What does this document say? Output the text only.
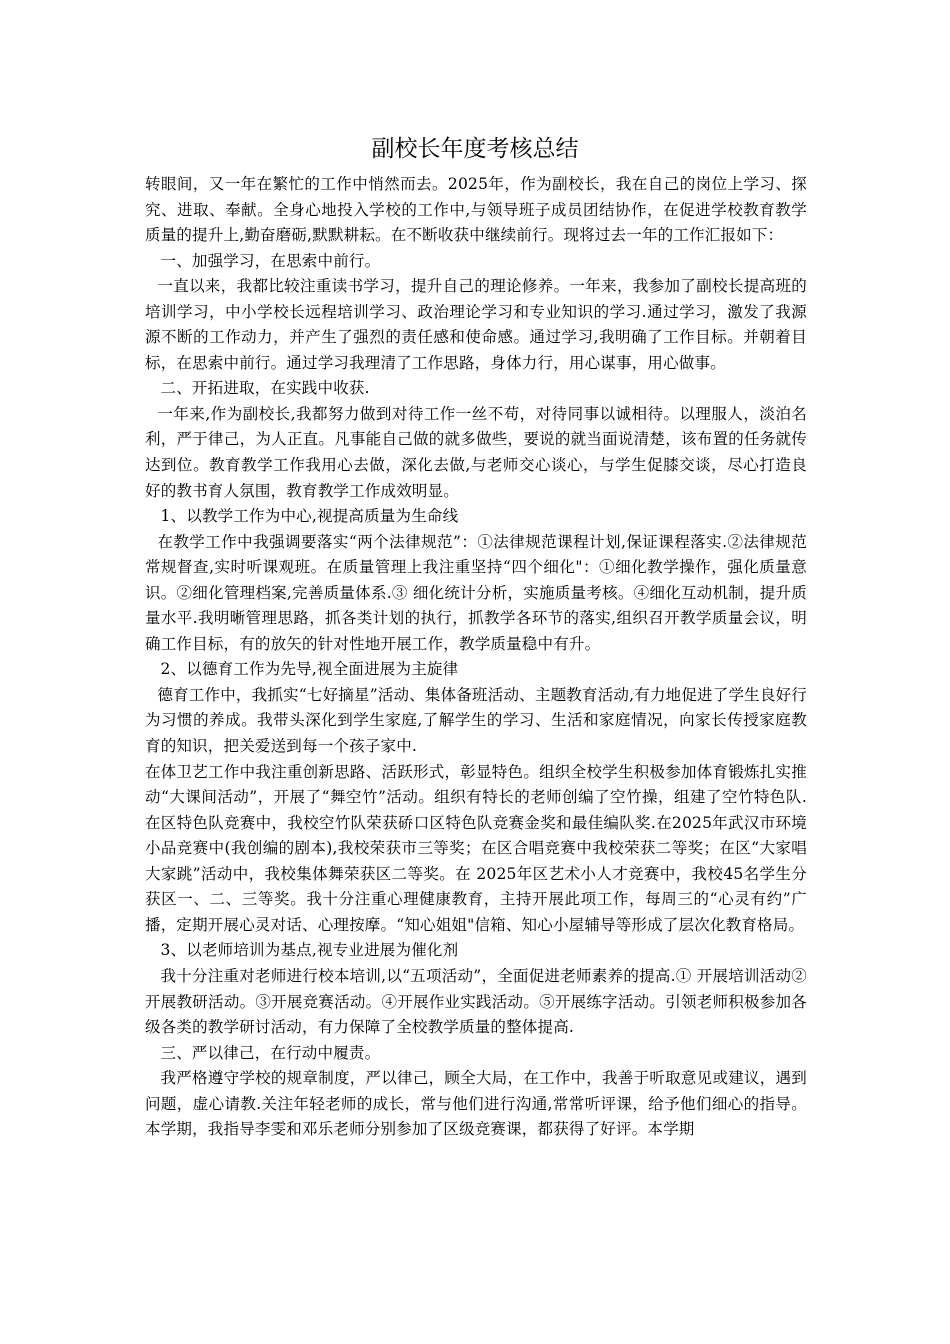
副校长年度考核总结

转眼间，又一年在繁忙的工作中悄然而去。2025年，作为副校长，我在自己的岗位上学习、探究、进取、奉献。全身心地投入学校的工作中,与领导班子成员团结协作，在促进学校教育教学质量的提升上,勤奋磨砺,默默耕耘。在不断收获中继续前行。现将过去一年的工作汇报如下：

一、加强学习，在思索中前行。

一直以来，我都比较注重读书学习，提升自己的理论修养。一年来，我参加了副校长提高班的培训学习，中小学校长远程培训学习、政治理论学习和专业知识的学习.通过学习，激发了我源源不断的工作动力，并产生了强烈的责任感和使命感。通过学习,我明确了工作目标。并朝着目标，在思索中前行。通过学习我理清了工作思路，身体力行，用心谋事，用心做事。

二、开拓进取，在实践中收获.

一年来,作为副校长,我都努力做到对待工作一丝不苟，对待同事以诚相待。以理服人，淡泊名利，严于律己，为人正直。凡事能自己做的就多做些，要说的就当面说清楚，该布置的任务就传达到位。教育教学工作我用心去做，深化去做,与老师交心谈心，与学生促膝交谈，尽心打造良好的教书育人氛围，教育教学工作成效明显。

1、以教学工作为中心,视提高质量为生命线

在教学工作中我强调要落实“两个法律规范”：①法律规范课程计划,保证课程落实.②法律规范常规督查,实时听课观班。在质量管理上我注重坚持“四个细化"：①细化教学操作，强化质量意识。②细化管理档案,完善质量体系.③ 细化统计分析，实施质量考核。④细化互动机制，提升质量水平.我明晰管理思路，抓各类计划的执行，抓教学各环节的落实,组织召开教学质量会议，明确工作目标，有的放矢的针对性地开展工作，教学质量稳中有升。

2、以德育工作为先导,视全面进展为主旋律

德育工作中，我抓实“七好摘星”活动、集体备班活动、主题教育活动,有力地促进了学生良好行为习惯的养成。我带头深化到学生家庭,了解学生的学习、生活和家庭情况，向家长传授家庭教育的知识，把关爱送到每一个孩子家中.

在体卫艺工作中我注重创新思路、活跃形式，彰显特色。组织全校学生积极参加体育锻炼扎实推动“大课间活动”，开展了“舞空竹”活动。组织有特长的老师创编了空竹操，组建了空竹特色队.在区特色队竞赛中，我校空竹队荣获硚口区特色队竞赛金奖和最佳编队奖.在2025年武汉市环境小品竞赛中(我创编的剧本),我校荣获市三等奖；在区合唱竞赛中我校荣获二等奖；在区“大家唱大家跳”活动中，我校集体舞荣获区二等奖。在 2025年区艺术小人才竞赛中，我校45名学生分获区一、二、三等奖。我十分注重心理健康教育，主持开展此项工作，每周三的“心灵有约”广播，定期开展心灵对话、心理按摩。“知心姐姐"信箱、知心小屋辅导等形成了层次化教育格局。

3、以老师培训为基点,视专业进展为催化剂

我十分注重对老师进行校本培训,以“五项活动”，全面促进老师素养的提高.① 开展培训活动②开展教研活动。③开展竞赛活动。④开展作业实践活动。⑤开展练字活动。引领老师积极参加各级各类的教学研讨活动，有力保障了全校教学质量的整体提高.

三、严以律己，在行动中履责。

我严格遵守学校的规章制度，严以律己，顾全大局，在工作中，我善于听取意见或建议，遇到问题，虚心请教.关注年轻老师的成长，常与他们进行沟通,常常听评课，给予他们细心的指导。本学期，我指导李雯和邓乐老师分别参加了区级竞赛课，都获得了好评。本学期
